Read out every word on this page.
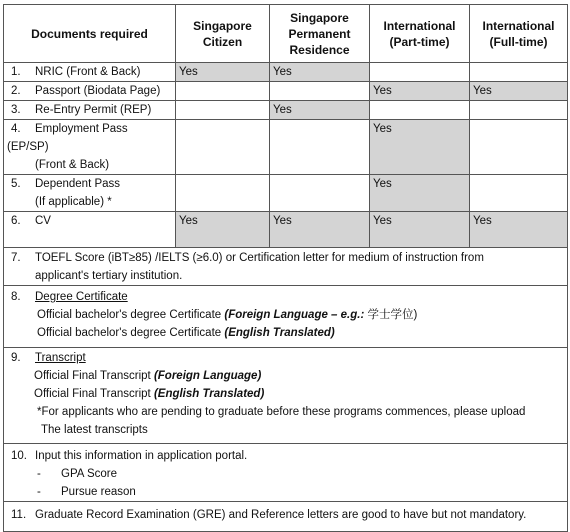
Documents required	Singapore Citizen	Singapore Permanent Residence	International (Part-time)	International (Full-time)
1. NRIC (Front & Back)	Yes	Yes		
2. Passport (Biodata Page)			Yes	Yes
3. Re-Entry Permit (REP)		Yes		
4. Employment Pass (EP/SP)
(Front & Back)			Yes	
5. Dependent Pass
(If applicable) *			Yes	
6. CV	Yes	Yes	Yes	Yes
7. TOEFL Score (iBT≥85) /IELTS (≥6.0) or Certification letter for medium of instruction from
applicant's tertiary institution.				
8. Degree Certificate
Official bachelor's degree Certificate (Foreign Language – e.g.: 学士学位)
Official bachelor's degree Certificate (English Translated)				
9. Transcript
Official Final Transcript (Foreign Language)
Official Final Transcript (English Translated)
*For applicants who are pending to graduate before these programs commences, please upload
The latest transcripts				
10. Input this information in application portal.
- GPA Score
- Pursue reason				
11. Graduate Record Examination (GRE) and Reference letters are good to have but not mandatory.				
